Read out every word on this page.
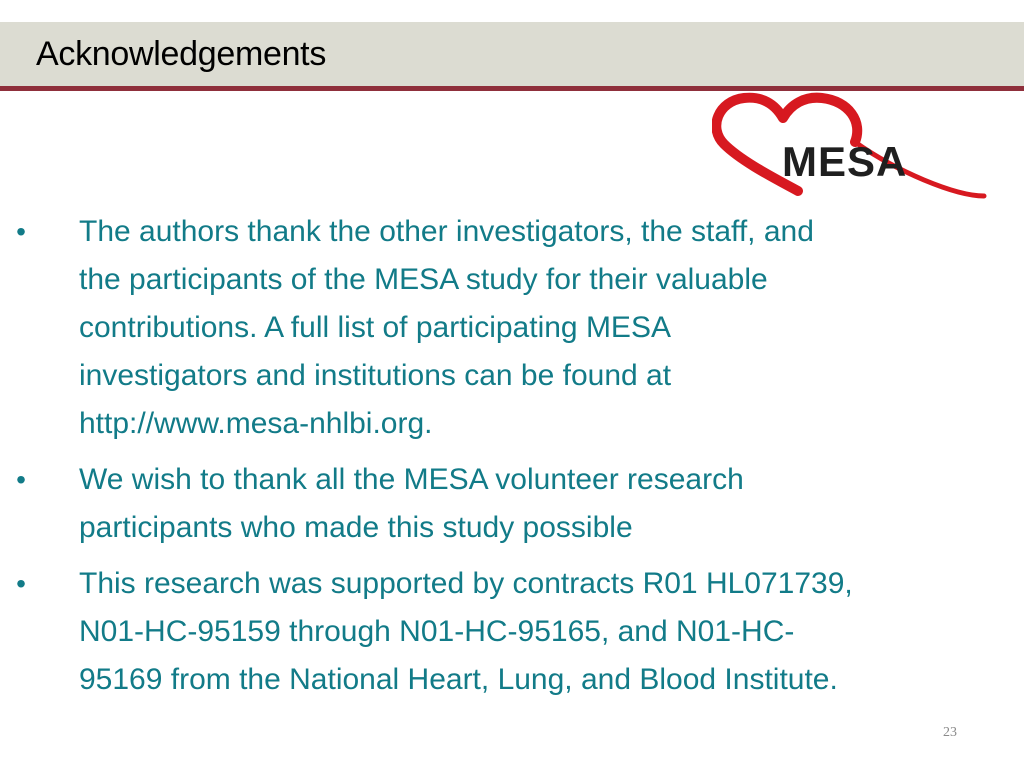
Acknowledgements
MESA
• The authors thank the other investigators, the staff, and
the participants of the MESA study for their valuable
contributions. A full list of participating MESA
investigators and institutions can be found at
http://www.mesa-nhlbi.org.
• We wish to thank all the MESA volunteer research
participants who made this study possible
• This research was supported by contracts R01 HL071739,
N01-HC-95159 through N01-HC-95165, and N01-HC-
95169 from the National Heart, Lung, and Blood Institute.
23
